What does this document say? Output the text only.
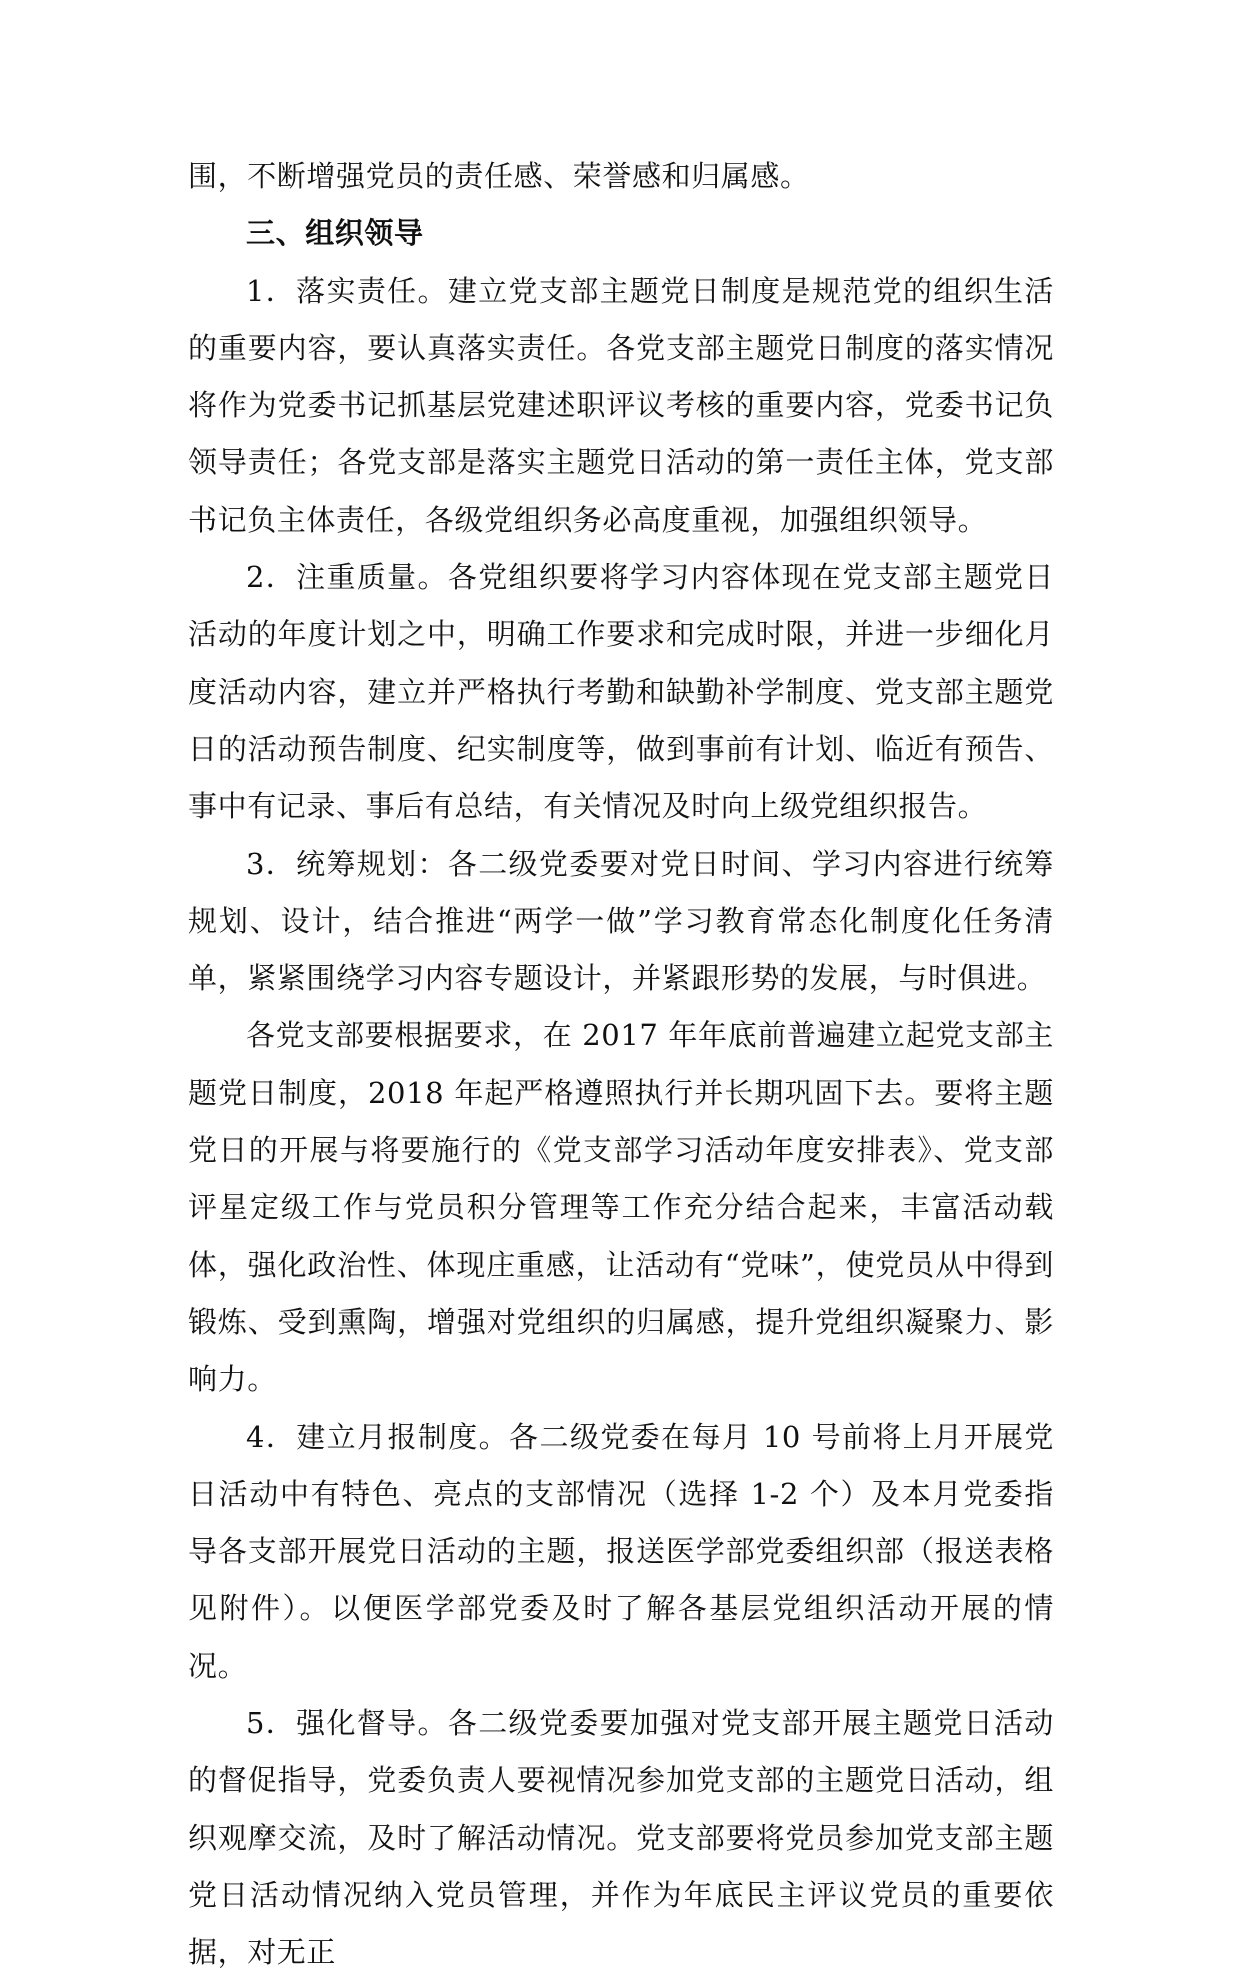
围，不断增强党员的责任感、荣誉感和归属感。

三、组织领导

1．落实责任。建立党支部主题党日制度是规范党的组织生活的重要内容，要认真落实责任。各党支部主题党日制度的落实情况将作为党委书记抓基层党建述职评议考核的重要内容，党委书记负领导责任；各党支部是落实主题党日活动的第一责任主体，党支部书记负主体责任，各级党组织务必高度重视，加强组织领导。

2．注重质量。各党组织要将学习内容体现在党支部主题党日活动的年度计划之中，明确工作要求和完成时限，并进一步细化月度活动内容，建立并严格执行考勤和缺勤补学制度、党支部主题党日的活动预告制度、纪实制度等，做到事前有计划、临近有预告、事中有记录、事后有总结，有关情况及时向上级党组织报告。

3．统筹规划：各二级党委要对党日时间、学习内容进行统筹规划、设计，结合推进“两学一做”学习教育常态化制度化任务清单，紧紧围绕学习内容专题设计，并紧跟形势的发展，与时俱进。

各党支部要根据要求，在 2017 年年底前普遍建立起党支部主题党日制度，2018 年起严格遵照执行并长期巩固下去。要将主题党日的开展与将要施行的《党支部学习活动年度安排表》、党支部评星定级工作与党员积分管理等工作充分结合起来，丰富活动载体，强化政治性、体现庄重感，让活动有“党味”，使党员从中得到锻炼、受到熏陶，增强对党组织的归属感，提升党组织凝聚力、影响力。

4．建立月报制度。各二级党委在每月 10 号前将上月开展党日活动中有特色、亮点的支部情况（选择 1-2 个）及本月党委指导各支部开展党日活动的主题，报送医学部党委组织部（报送表格见附件）。以便医学部党委及时了解各基层党组织活动开展的情况。

5．强化督导。各二级党委要加强对党支部开展主题党日活动的督促指导，党委负责人要视情况参加党支部的主题党日活动，组织观摩交流，及时了解活动情况。党支部要将党员参加党支部主题党日活动情况纳入党员管理，并作为年底民主评议党员的重要依据，对无正
